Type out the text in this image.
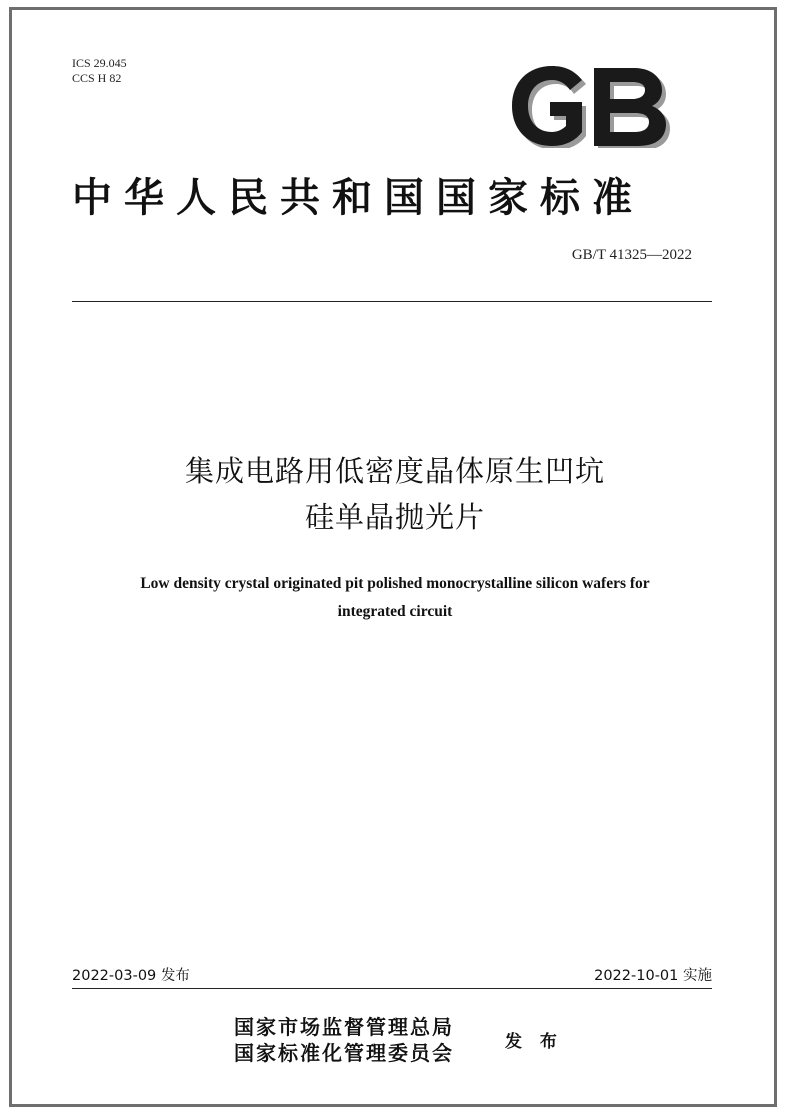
ICS 29.045
CCS H 82
中华人民共和国国家标准
GB/T 41325—2022
集成电路用低密度晶体原生凹坑
硅单晶抛光片
Low density crystal originated pit polished monocrystalline silicon wafers for
integrated circuit
2022-03-09 发布	2022-10-01 实施
国家市场监督管理总局
国家标准化管理委员会	发 布
